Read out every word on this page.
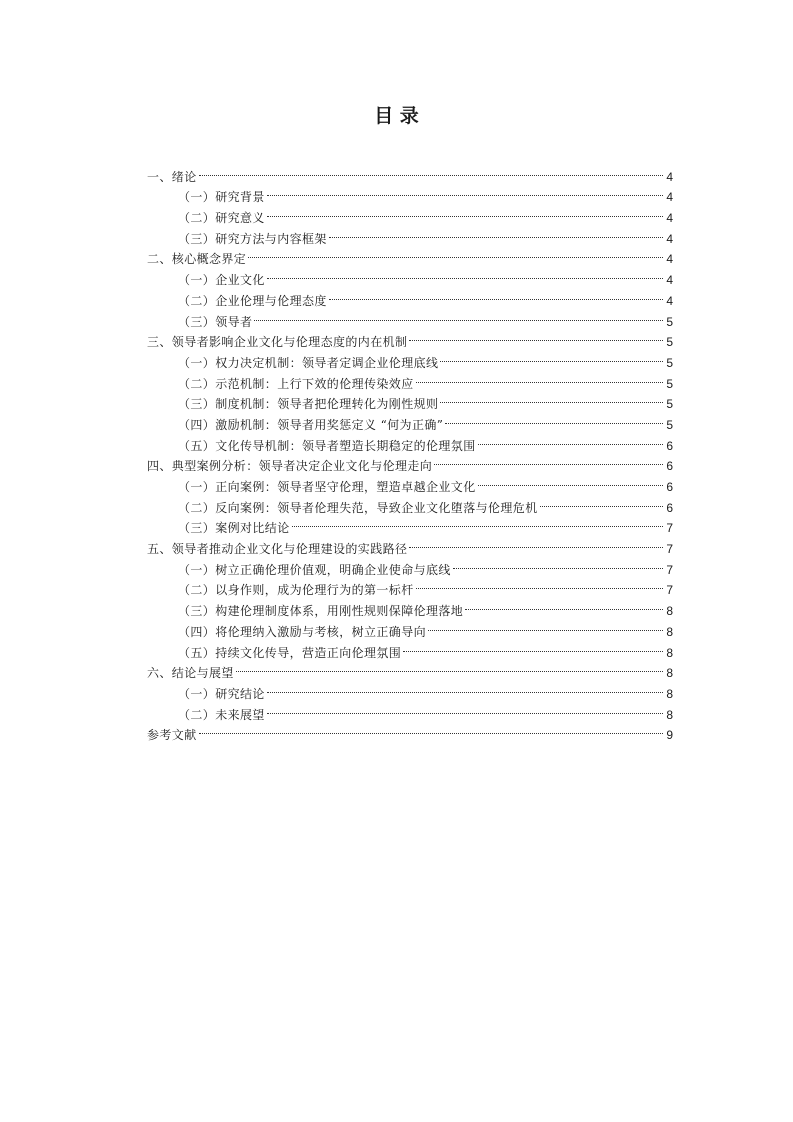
目 录
一、绪论	4
（一）研究背景	4
（二）研究意义	4
（三）研究方法与内容框架	4
二、核心概念界定	4
（一）企业文化	4
（二）企业伦理与伦理态度	4
（三）领导者	5
三、领导者影响企业文化与伦理态度的内在机制	5
（一）权力决定机制：领导者定调企业伦理底线	5
（二）示范机制：上行下效的伦理传染效应	5
（三）制度机制：领导者把伦理转化为刚性规则	5
（四）激励机制：领导者用奖惩定义 “何为正确”	5
（五）文化传导机制：领导者塑造长期稳定的伦理氛围	6
四、典型案例分析：领导者决定企业文化与伦理走向	6
（一）正向案例：领导者坚守伦理，塑造卓越企业文化	6
（二）反向案例：领导者伦理失范，导致企业文化堕落与伦理危机	6
（三）案例对比结论	7
五、领导者推动企业文化与伦理建设的实践路径	7
（一）树立正确伦理价值观，明确企业使命与底线	7
（二）以身作则，成为伦理行为的第一标杆	7
（三）构建伦理制度体系，用刚性规则保障伦理落地	8
（四）将伦理纳入激励与考核，树立正确导向	8
（五）持续文化传导，营造正向伦理氛围	8
六、结论与展望	8
（一）研究结论	8
（二）未来展望	8
参考文献	9
